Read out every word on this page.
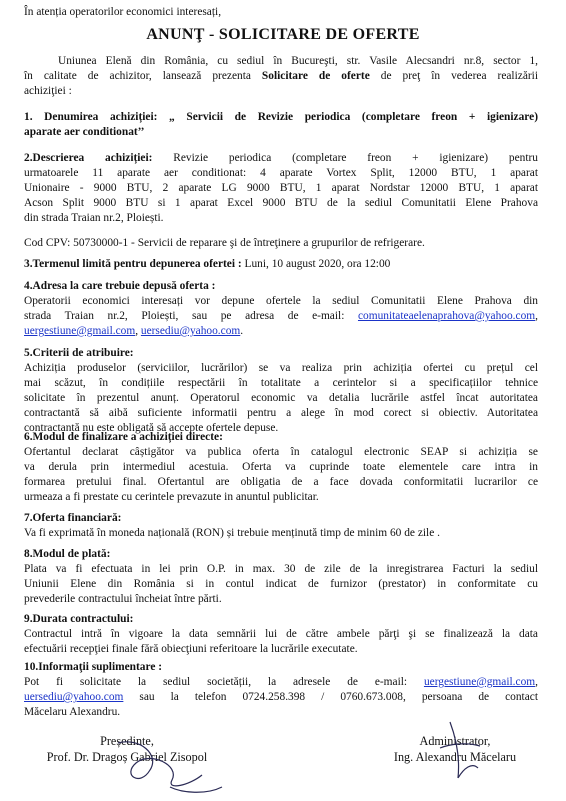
În atenția operatorilor economici interesați,
ANUNŢ - SOLICITARE DE OFERTE
Uniunea Elenă din România, cu sediul în Bucureşti, str. Vasile Alecsandri nr.8, sector 1,
în calitate de achizitor, lansează prezenta Solicitare de oferte de preţ în vederea realizării
achiziţiei :
1. Denumirea achiziției: „ Servicii de Revizie periodica (completare freon + igienizare)
aparate aer conditionat’’
2.Descrierea achiziției: Revizie periodica (completare freon + igienizare) pentru
urmatoarele 11 aparate aer conditionat: 4 aparate Vortex Split, 12000 BTU, 1 aparat
Unionaire - 9000 BTU, 2 aparate LG 9000 BTU, 1 aparat Nordstar 12000 BTU, 1 aparat
Acson Split 9000 BTU si 1 aparat Excel 9000 BTU de la sediul Comunitatii Elene Prahova
din strada Traian nr.2, Ploiești.
Cod CPV: 50730000-1 - Servicii de reparare şi de întreţinere a grupurilor de refrigerare.
3.Termenul limită pentru depunerea ofertei : Luni, 10 august 2020, ora 12:00
4.Adresa la care trebuie depusă oferta :
Operatorii economici interesați vor depune ofertele la sediul Comunitatii Elene Prahova din
strada Traian nr.2, Ploiești, sau pe adresa de e-mail: comunitateaelenaprahova@yahoo.com,
uergestiune@gmail.com, uersediu@yahoo.com.
5.Criterii de atribuire:
Achiziția produselor (serviciilor, lucrărilor) se va realiza prin achiziția ofertei cu prețul cel
mai scăzut, în condițiile respectării în totalitate a cerintelor si a specificațiilor tehnice
solicitate în prezentul anunț. Operatorul economic va detalia lucrările astfel încat autoritatea
contractantă să aibă suficiente informatii pentru a alege în mod corect si obiectiv. Autoritatea
contractantă nu este obligată să accepte ofertele depuse.
6.Modul de finalizare a achiziției directe:
Ofertantul declarat câștigător va publica oferta în catalogul electronic SEAP si achiziția se
va derula prin intermediul acestuia. Oferta va cuprinde toate elementele care intra in
formarea pretului final. Ofertantul are obligatia de a face dovada conformitatii lucrarilor ce
urmeaza a fi prestate cu cerintele prevazute in anuntul publicitar.
7.Oferta financiară:
Va fi exprimată în moneda națională (RON) și trebuie menținută timp de minim 60 de zile .
8.Modul de plată:
Plata va fi efectuata in lei prin O.P. in max. 30 de zile de la inregistrarea Facturi la sediul
Uniunii Elene din România si in contul indicat de furnizor (prestator) in conformitate cu
prevederile contractului încheiat între părti.
9.Durata contractului:
Contractul intră în vigoare la data semnării lui de către ambele părţi şi se finalizează la data
efectuării recepţiei finale fără obiecţiuni referitoare la lucrările executate.
10.Informaţii suplimentare :
Pot fi solicitate la sediul societății, la adresele de e-mail: uergestiune@gmail.com,
uersediu@yahoo.com sau la telefon 0724.258.398 / 0760.673.008, persoana de contact
Măcelaru Alexandru.
Președinte,
Prof. Dr. Dragoș Gabriel Zisopol
Administrator,
Ing. Alexandru Măcelaru
